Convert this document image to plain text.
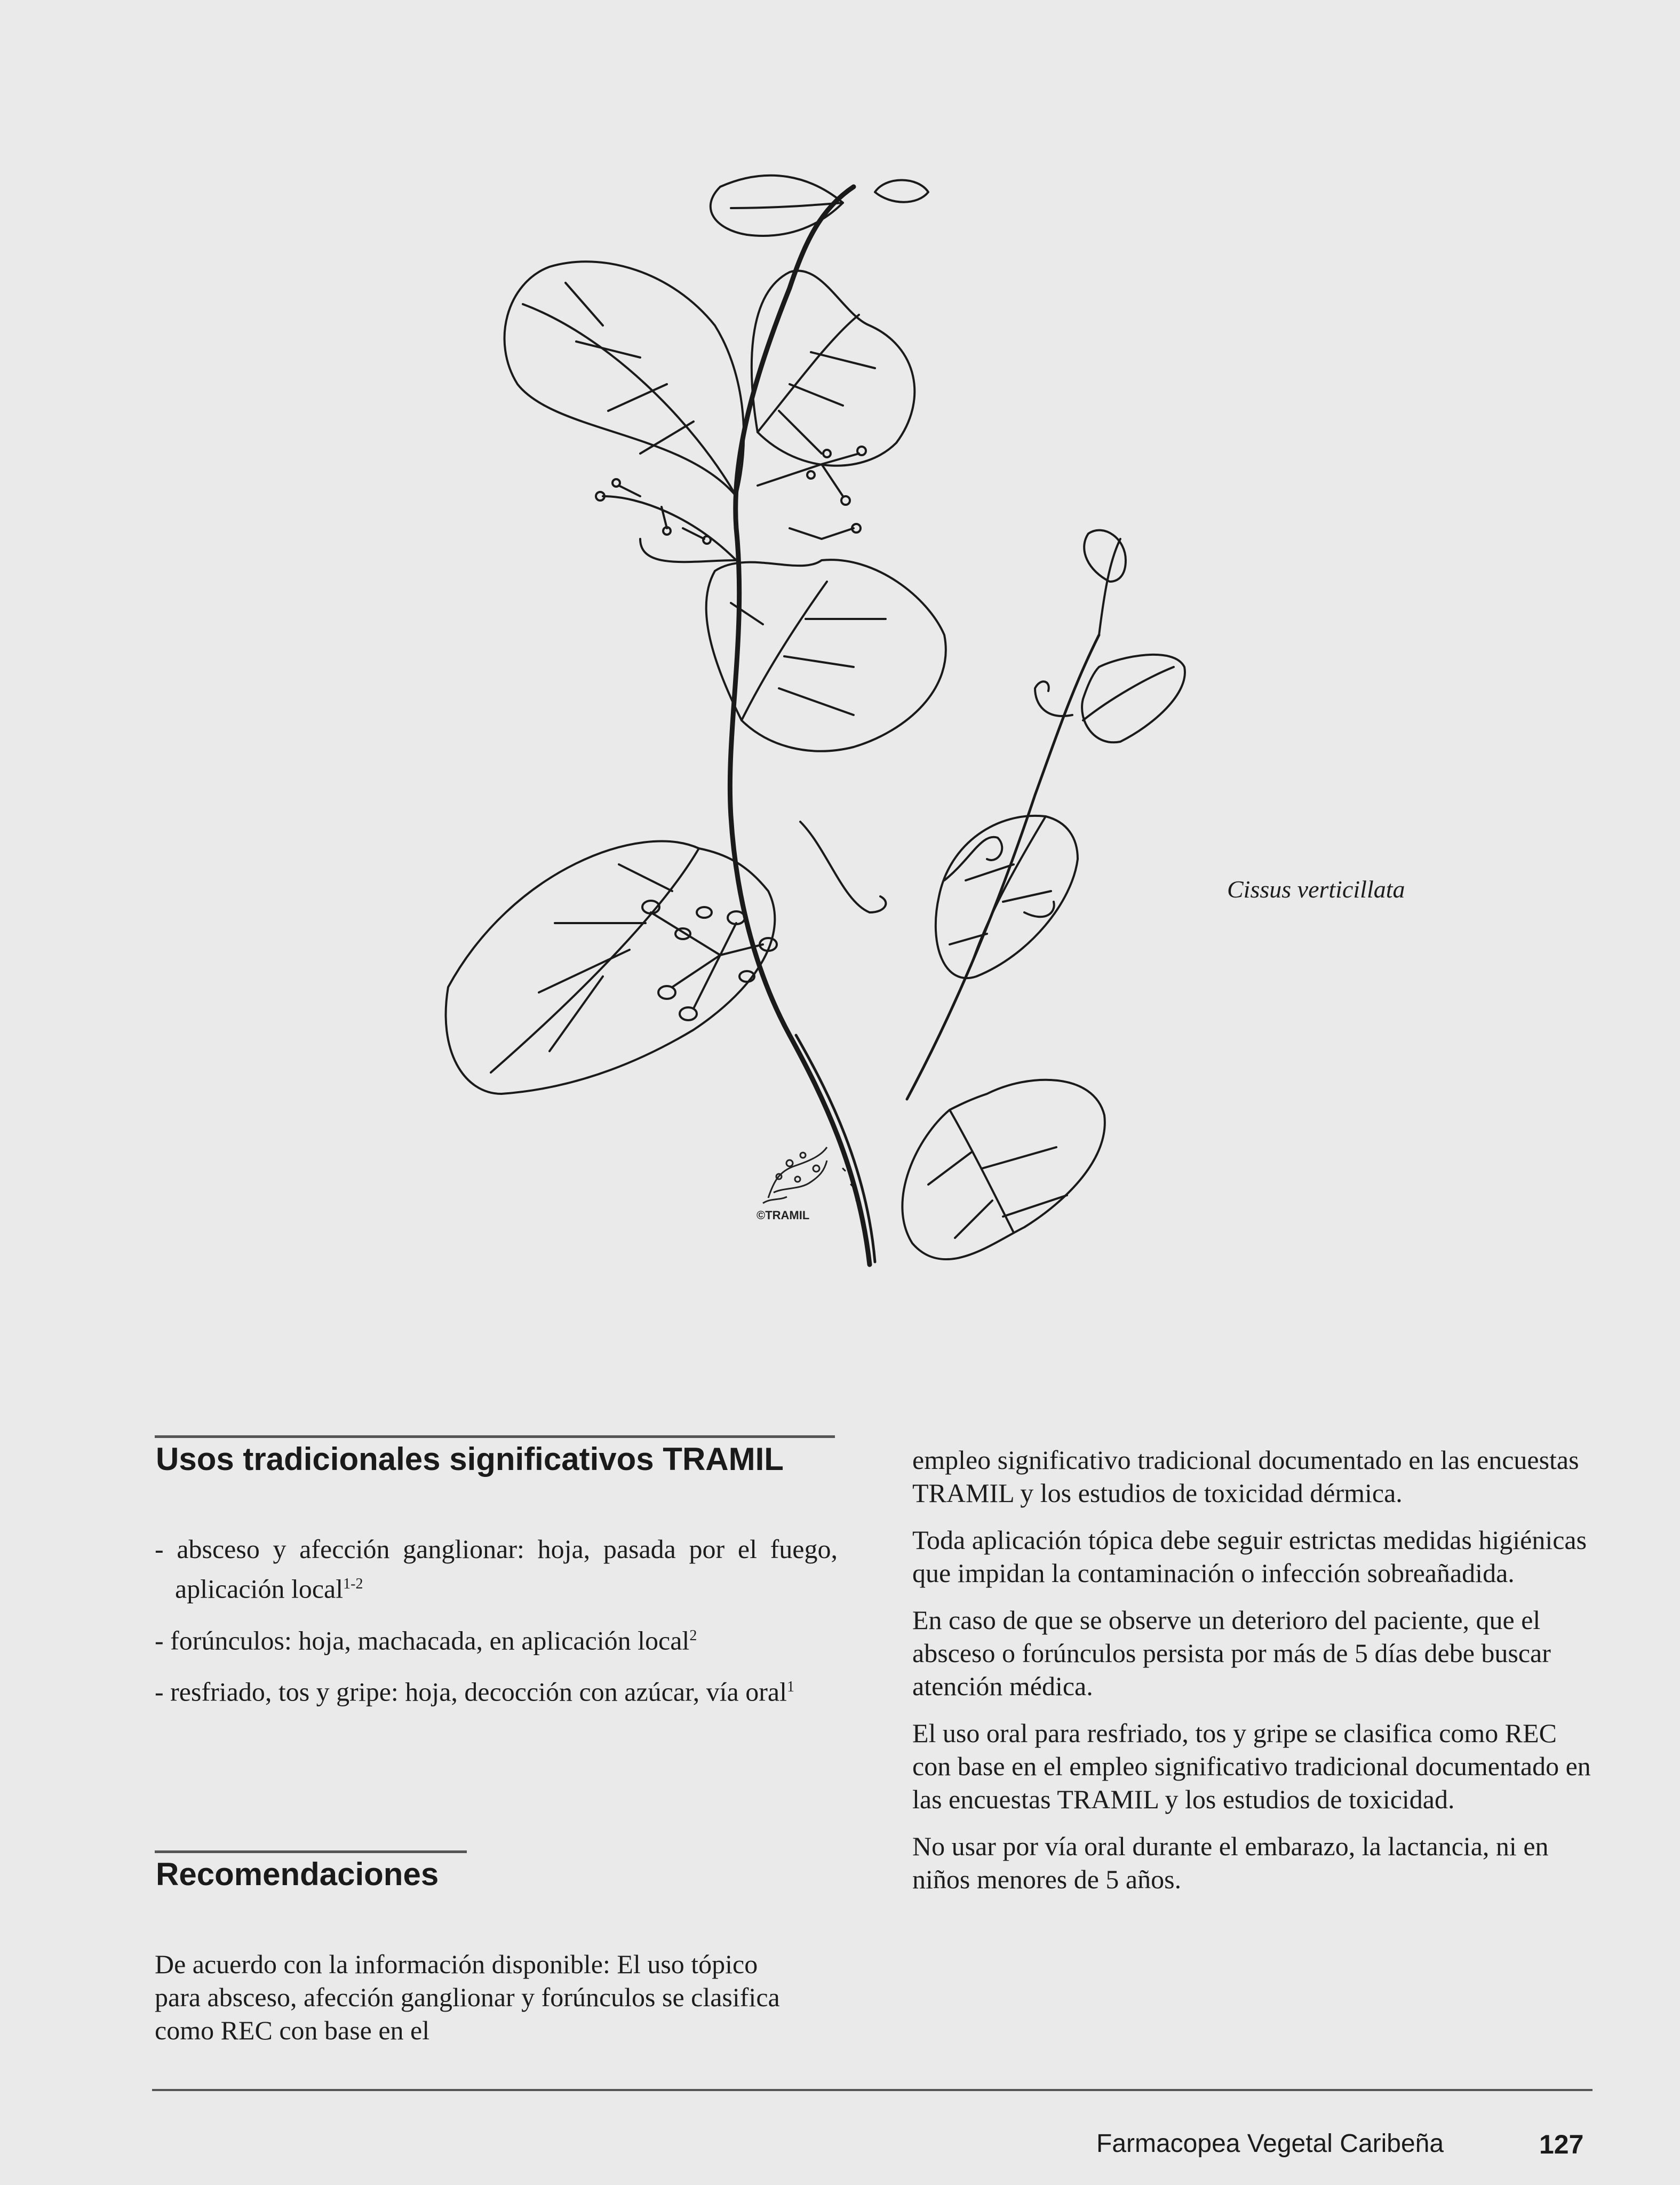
Cissus verticillata
©TRAMIL
Usos tradicionales significativos TRAMIL
- absceso y afección ganglionar: hoja, pasada por el fuego, aplicación local$^{1-2}$
- forúnculos: hoja, machacada, en aplicación local$^2$
- resfriado, tos y gripe: hoja, decocción con azúcar, vía oral$^1$
Recomendaciones

De acuerdo con la información disponible: El uso tópico para absceso, afección ganglionar y forúnculos se clasifica como REC con base en el

empleo significativo tradicional documentado en las encuestas TRAMIL y los estudios de toxicidad dérmica.

Toda aplicación tópica debe seguir estrictas medidas higiénicas que impidan la contaminación o infección sobreañadida.

En caso de que se observe un deterioro del paciente, que el absceso o forúnculos persista por más de 5 días debe buscar atención médica.

El uso oral para resfriado, tos y gripe se clasifica como REC con base en el empleo significativo tradicional documentado en las encuestas TRAMIL y los estudios de toxicidad.

No usar por vía oral durante el embarazo, la lactancia, ni en niños menores de 5 años.

Farmacopea Vegetal Caribeña	127
